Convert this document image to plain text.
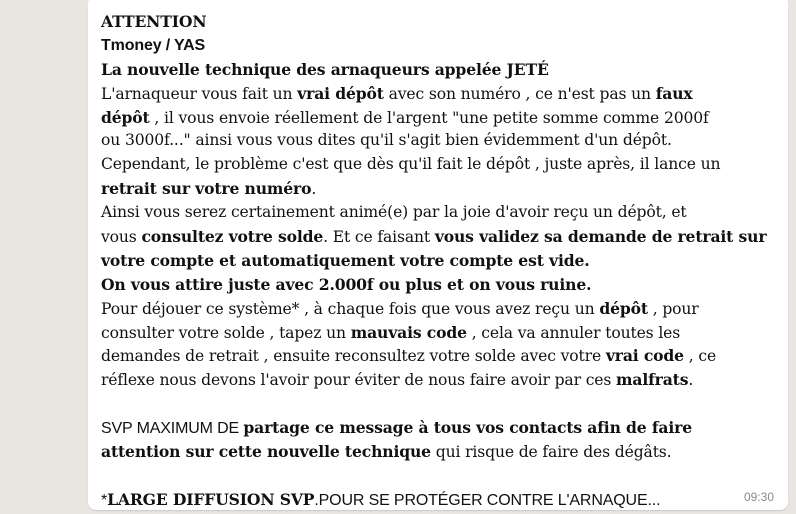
ATTENTION
Tmoney / YAS
La nouvelle technique des arnaqueurs appelée JETÉ
L'arnaqueur vous fait un vrai dépôt avec son numéro , ce n'est pas un faux
dépôt , il vous envoie réellement de l'argent "une petite somme comme 2000f
ou 3000f..." ainsi vous vous dites qu'il s'agit bien évidemment d'un dépôt.
Cependant, le problème c'est que dès qu'il fait le dépôt , juste après, il lance un
retrait sur votre numéro.
Ainsi vous serez certainement animé(e) par la joie d'avoir reçu un dépôt, et
vous consultez votre solde. Et ce faisant vous validez sa demande de retrait sur
votre compte et automatiquement votre compte est vide.
On vous attire juste avec 2.000f ou plus et on vous ruine.
Pour déjouer ce système* , à chaque fois que vous avez reçu un dépôt , pour
consulter votre solde , tapez un mauvais code , cela va annuler toutes les
demandes de retrait , ensuite reconsultez votre solde avec votre vrai code , ce
réflexe nous devons l'avoir pour éviter de nous faire avoir par ces malfrats.
SVP MAXIMUM DE partage ce message à tous vos contacts afin de faire
attention sur cette nouvelle technique qui risque de faire des dégâts.
*LARGE DIFFUSION SVP.POUR SE PROTÉGER CONTRE L'ARNAQUE...	09:30
